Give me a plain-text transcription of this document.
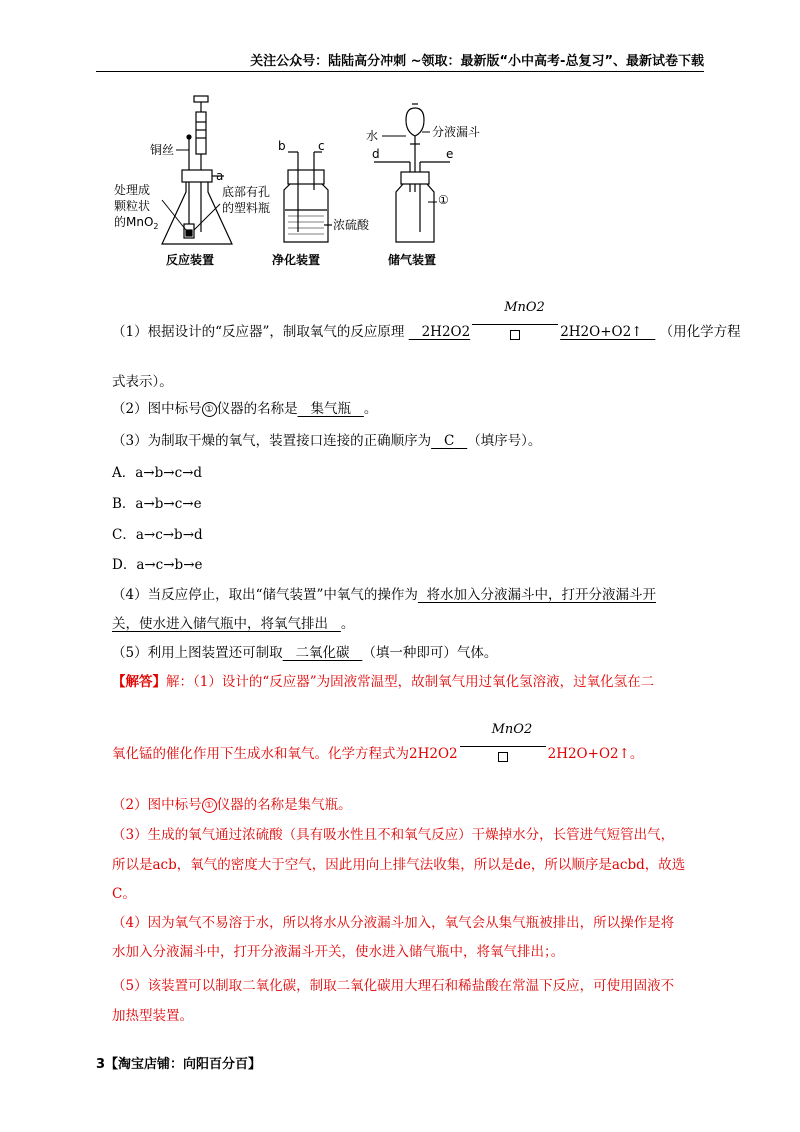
关注公众号：陆陆高分冲刺 ~领取：最新版“小中高考-总复习”、最新试卷下载
铜丝
处理成
颗粒状
的MnO$_2$
a
底部有孔
的塑料瓶
反应装置
b	c
浓硫酸
净化装置
水	分液漏斗
d	e
①
储气装置
（1）根据设计的“反应器”，制取氧气的反应原理 2H2O2
MnO2
2H2O+O2↑ （用化学方程
式表示）。
（2）图中标号 ① 仪器的名称是 集气瓶 。
（3）为制取干燥的氧气，装置接口连接的正确顺序为 C （填序号）。
A．a→b→c→d
B．a→b→c→e
C．a→c→b→d
D．a→c→b→e
（4）当反应停止，取出“储气装置”中氧气的操作为 将水加入分液漏斗中，打开分液漏斗开
关，使水进入储气瓶中，将氧气排出 。
（5）利用上图装置还可制取 二氧化碳 （填一种即可）气体。
【解答】解：（1）设计的“反应器”为固液常温型，故制氧气用过氧化氢溶液，过氧化氢在二
氧化锰的催化作用下生成水和氧气。化学方程式为2H2O2
MnO2
2H2O+O2↑。
（2）图中标号 ① 仪器的名称是集气瓶。
（3）生成的氧气通过浓硫酸（具有吸水性且不和氧气反应）干燥掉水分，长管进气短管出气，
所以是acb，氧气的密度大于空气，因此用向上排气法收集，所以是de，所以顺序是acbd，故选
C。
（4）因为氧气不易溶于水，所以将水从分液漏斗加入，氧气会从集气瓶被排出，所以操作是将
水加入分液漏斗中，打开分液漏斗开关，使水进入储气瓶中，将氧气排出；。
（5）该装置可以制取二氧化碳，制取二氧化碳用大理石和稀盐酸在常温下反应，可使用固液不
加热型装置。
3【淘宝店铺：向阳百分百】
